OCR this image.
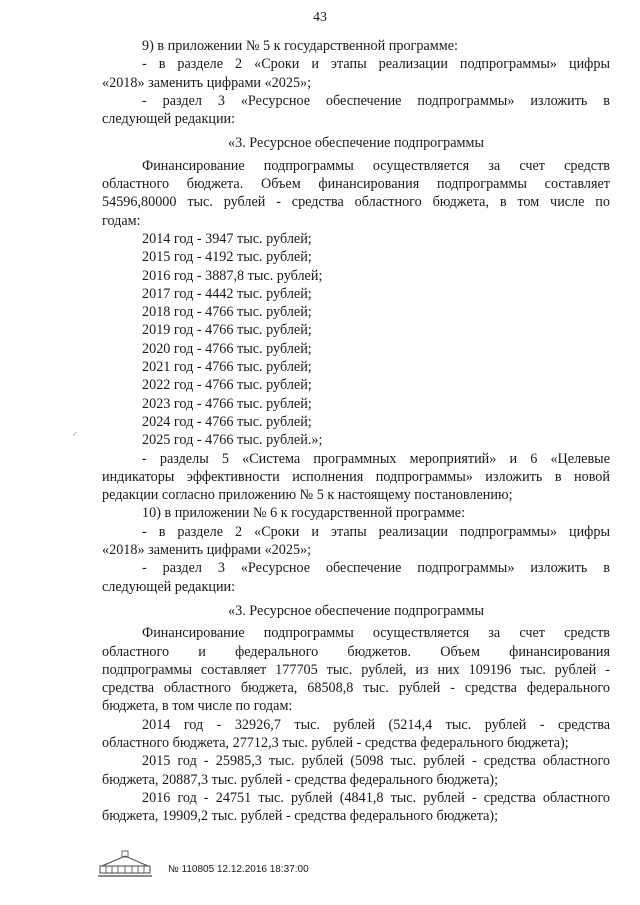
43
⸝

9) в приложении № 5 к государственной программе:

- в разделе 2 «Сроки и этапы реализации подпрограммы» цифры

«2018» заменить цифрами «2025»;

- раздел 3 «Ресурсное обеспечение подпрограммы» изложить в

следующей редакции:

«3. Ресурсное обеспечение подпрограммы

Финансирование подпрограммы осуществляется за счет средств

областного бюджета. Объем финансирования подпрограммы составляет

54596,80000 тыс. рублей - средства областного бюджета, в том числе по

годам:

2014 год - 3947 тыс. рублей;

2015 год - 4192 тыс. рублей;

2016 год - 3887,8 тыс. рублей;

2017 год - 4442 тыс. рублей;

2018 год - 4766 тыс. рублей;

2019 год - 4766 тыс. рублей;

2020 год - 4766 тыс. рублей;

2021 год - 4766 тыс. рублей;

2022 год - 4766 тыс. рублей;

2023 год - 4766 тыс. рублей;

2024 год - 4766 тыс. рублей;

2025 год - 4766 тыс. рублей.»;

- разделы 5 «Система программных мероприятий» и 6 «Целевые

индикаторы эффективности исполнения подпрограммы» изложить в новой

редакции согласно приложению № 5 к настоящему постановлению;

10) в приложении № 6 к государственной программе:

- в разделе 2 «Сроки и этапы реализации подпрограммы» цифры

«2018» заменить цифрами «2025»;

- раздел 3 «Ресурсное обеспечение подпрограммы» изложить в

следующей редакции:

«3. Ресурсное обеспечение подпрограммы

Финансирование подпрограммы осуществляется за счет средств

областного и федерального бюджетов. Объем финансирования

подпрограммы составляет 177705 тыс. рублей, из них 109196 тыс. рублей -

средства областного бюджета, 68508,8 тыс. рублей - средства федерального

бюджета, в том числе по годам:

2014 год - 32926,7 тыс. рублей (5214,4 тыс. рублей - средства

областного бюджета, 27712,3 тыс. рублей - средства федерального бюджета);

2015 год - 25985,3 тыс. рублей (5098 тыс. рублей - средства областного

бюджета, 20887,3 тыс. рублей - средства федерального бюджета);

2016 год - 24751 тыс. рублей (4841,8 тыс. рублей - средства областного

бюджета, 19909,2 тыс. рублей - средства федерального бюджета);

№ 110805 12.12.2016 18:37:00
